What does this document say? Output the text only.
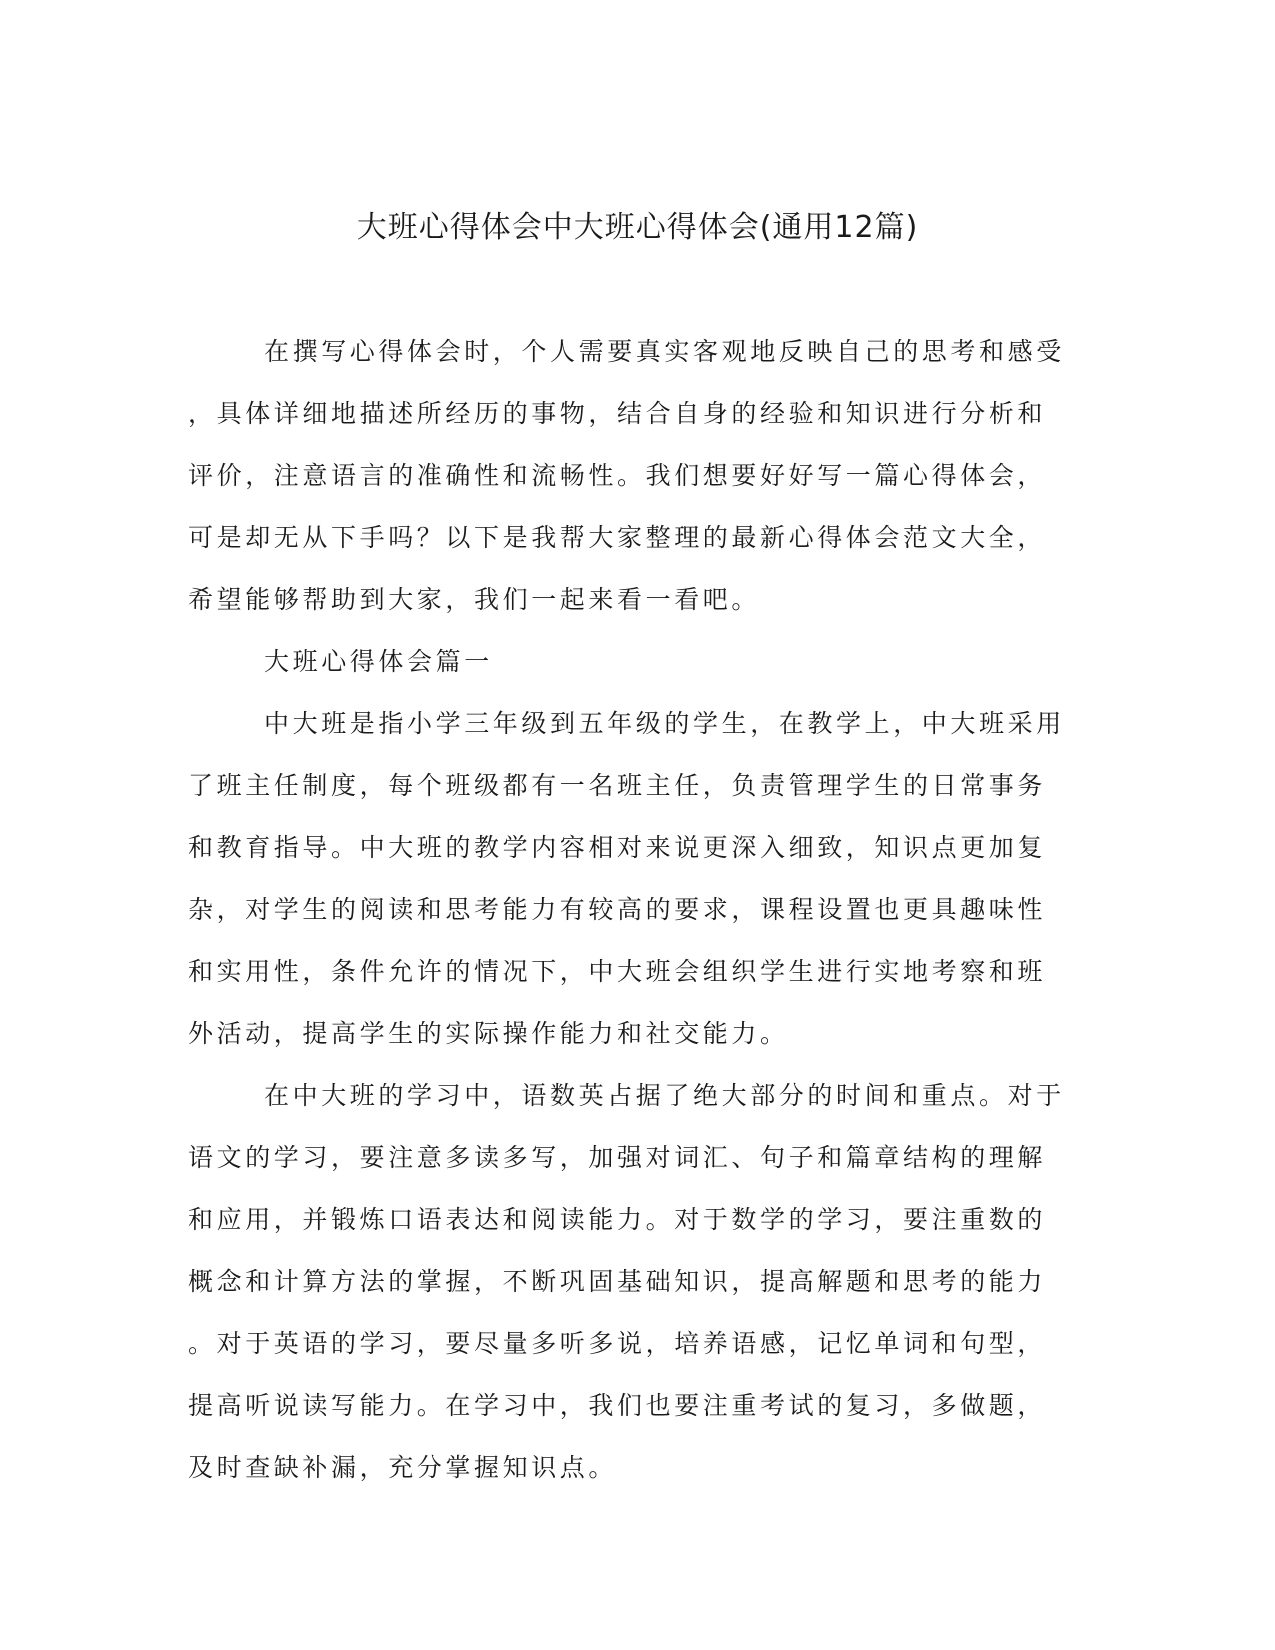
大班心得体会中大班心得体会(通用12篇)
在撰写心得体会时，个人需要真实客观地反映自己的思考和感受
，具体详细地描述所经历的事物，结合自身的经验和知识进行分析和
评价，注意语言的准确性和流畅性。我们想要好好写一篇心得体会，
可是却无从下手吗？以下是我帮大家整理的最新心得体会范文大全，
希望能够帮助到大家，我们一起来看一看吧。
大班心得体会篇一
中大班是指小学三年级到五年级的学生，在教学上，中大班采用
了班主任制度，每个班级都有一名班主任，负责管理学生的日常事务
和教育指导。中大班的教学内容相对来说更深入细致，知识点更加复
杂，对学生的阅读和思考能力有较高的要求，课程设置也更具趣味性
和实用性，条件允许的情况下，中大班会组织学生进行实地考察和班
外活动，提高学生的实际操作能力和社交能力。
在中大班的学习中，语数英占据了绝大部分的时间和重点。对于
语文的学习，要注意多读多写，加强对词汇、句子和篇章结构的理解
和应用，并锻炼口语表达和阅读能力。对于数学的学习，要注重数的
概念和计算方法的掌握，不断巩固基础知识，提高解题和思考的能力
。对于英语的学习，要尽量多听多说，培养语感，记忆单词和句型，
提高听说读写能力。在学习中，我们也要注重考试的复习，多做题，
及时查缺补漏，充分掌握知识点。
